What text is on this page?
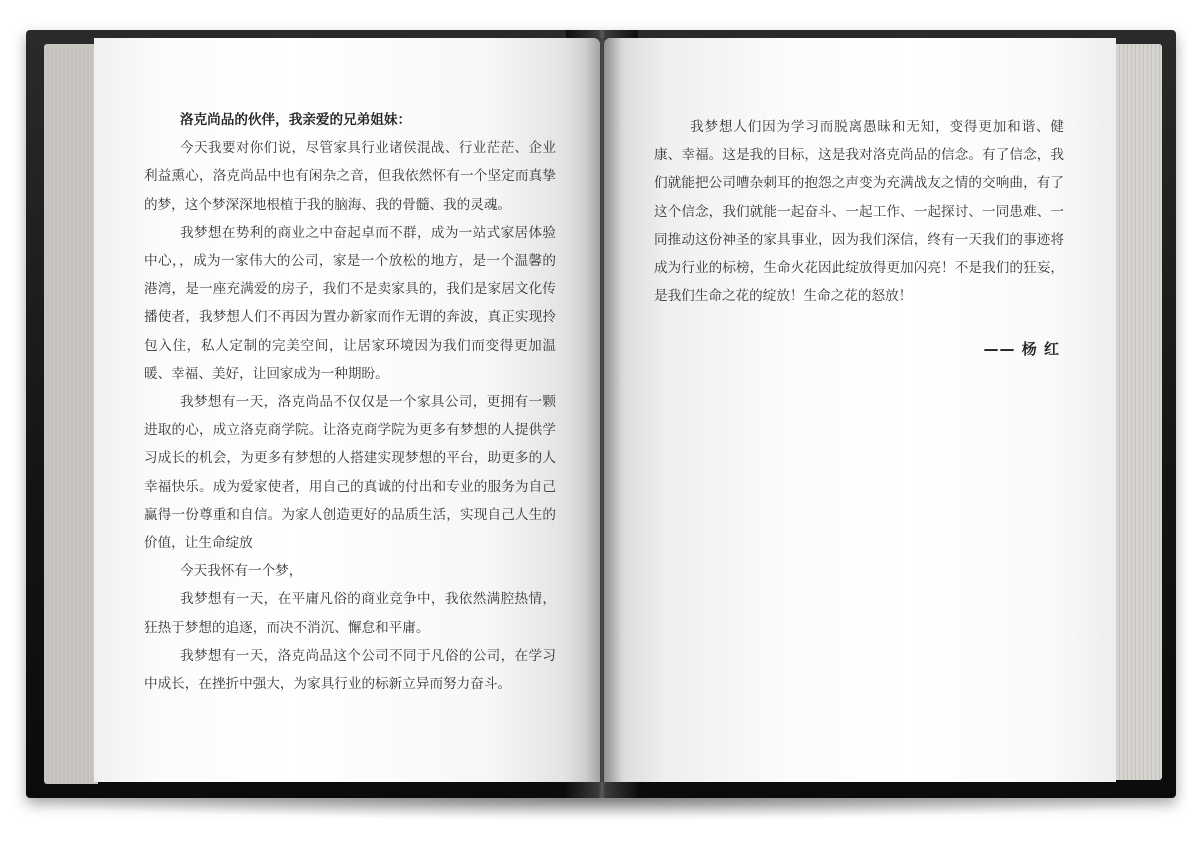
洛克尚品的伙伴，我亲爱的兄弟姐妹：

今天我要对你们说，尽管家具行业诸侯混战、行业茫茫、企业利益熏心，洛克尚品中也有闲杂之音，但我依然怀有一个坚定而真挚的梦，这个梦深深地根植于我的脑海、我的骨髓、我的灵魂。

我梦想在势利的商业之中奋起卓而不群，成为一站式家居体验中心，，成为一家伟大的公司，家是一个放松的地方，是一个温馨的港湾，是一座充满爱的房子，我们不是卖家具的，我们是家居文化传播使者，我梦想人们不再因为置办新家而作无谓的奔波，真正实现拎包入住，私人定制的完美空间，让居家环境因为我们而变得更加温暖、幸福、美好，让回家成为一种期盼。

我梦想有一天，洛克尚品不仅仅是一个家具公司，更拥有一颗进取的心，成立洛克商学院。让洛克商学院为更多有梦想的人提供学习成长的机会，为更多有梦想的人搭建实现梦想的平台，助更多的人幸福快乐。成为爱家使者，用自己的真诚的付出和专业的服务为自己赢得一份尊重和自信。为家人创造更好的品质生活，实现自己人生的价值，让生命绽放

今天我怀有一个梦，

我梦想有一天，在平庸凡俗的商业竞争中，我依然满腔热情，狂热于梦想的追逐，而决不消沉、懈怠和平庸。

我梦想有一天，洛克尚品这个公司不同于凡俗的公司，在学习中成长，在挫折中强大，为家具行业的标新立异而努力奋斗。

我梦想人们因为学习而脱离愚昧和无知，变得更加和谐、健康、幸福。这是我的目标，这是我对洛克尚品的信念。有了信念，我们就能把公司嘈杂刺耳的抱怨之声变为充满战友之情的交响曲，有了这个信念，我们就能一起奋斗、一起工作、一起探讨、一同患难、一同推动这份神圣的家具事业，因为我们深信，终有一天我们的事迹将成为行业的标榜，生命火花因此绽放得更加闪亮！不是我们的狂妄，是我们生命之花的绽放！生命之花的怒放！

—— 杨 红
